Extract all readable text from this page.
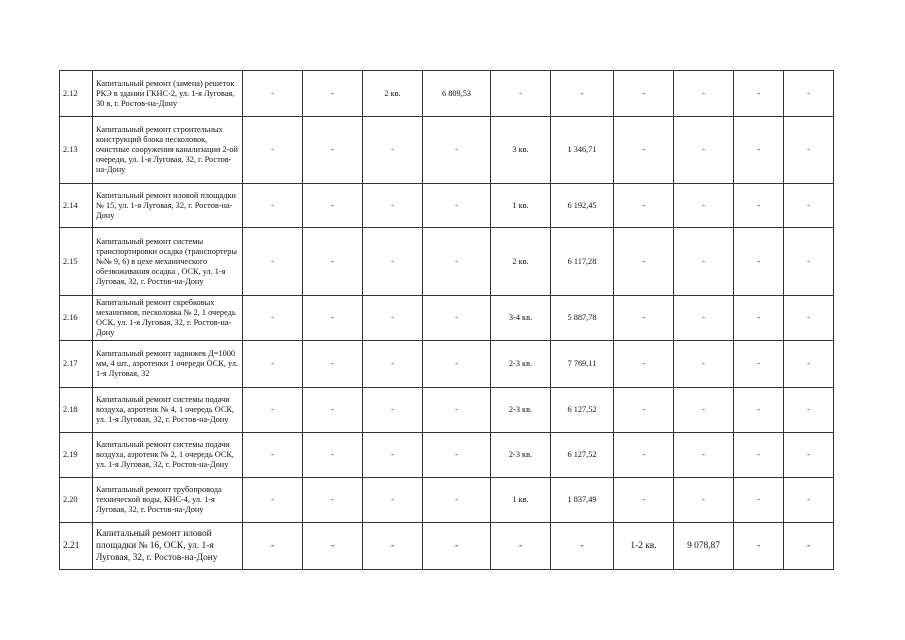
2.12	Капитальный ремонт (замена) решеток РКЭ в здании ГКНС-2, ул. 1-я Луговая, 30 в, г. Ростов-на-Дону	-	-	2 кв.	6 809,53	-	-	-	-	-	-
2.13	Капитальный ремонт строительных конструкций блока песколовок, очистные сооружения канализации 2-ой очереди, ул. 1-я Луговая, 32, г. Ростов-на-Дону	-	-	-	-	3 кв.	1 346,71	-	-	-	-
2.14	Капитальный ремонт иловой площадки № 15, ул. 1-я Луговая, 32, г. Ростов-на-Дону	-	-	-	-	1 кв.	6 192,45	-	-	-	-
2.15	Капитальный ремонт системы транспортировки осадка (транспортеры №№ 9, 6) в цехе механического обезвоживания осадка , ОСК, ул. 1-я Луговая, 32, г. Ростов-на-Дону	-	-	-	-	2 кв.	6 117,28	-	-	-	-
2.16	Капитальный ремонт скребковых механизмов, песколовка № 2, 1 очередь ОСК, ул. 1-я Луговая, 32, г. Ростов-на-Дону	-	-	-	-	3-4 кв.	5 887,78	-	-	-	-
2.17	Капитальный ремонт задвижек Д=1000 мм, 4 шт., аэротенки 1 очереди ОСК, ул. 1-я Луговая, 32	-	-	-	-	2-3 кв.	7 769,11	-	-	-	-
2.18	Капитальный ремонт системы подачи воздуха, аэротенк № 4, 1 очередь ОСК, ул. 1-я Луговая, 32, г. Ростов-на-Дону	-	-	-	-	2-3 кв.	6 127,52	-	-	-	-
2.19	Капитальный ремонт системы подачи воздуха, аэротенк № 2, 1 очередь ОСК, ул. 1-я Луговая, 32, г. Ростов-на-Дону	-	-	-	-	2-3 кв.	6 127,52	-	-	-	-
2.20	Капитальный ремонт трубопровода технической воды, КНС-4, ул. 1-я Луговая, 32, г. Ростов-на-Дону	-	-	-	-	1 кв.	1 837,49	-	-	-	-
2.21	Капитальный ремонт иловой площадки № 16, ОСК, ул. 1-я Луговая, 32, г. Ростов-на-Дону	-	-	-	-	-	-	1-2 кв.	9 078,87	-	-
